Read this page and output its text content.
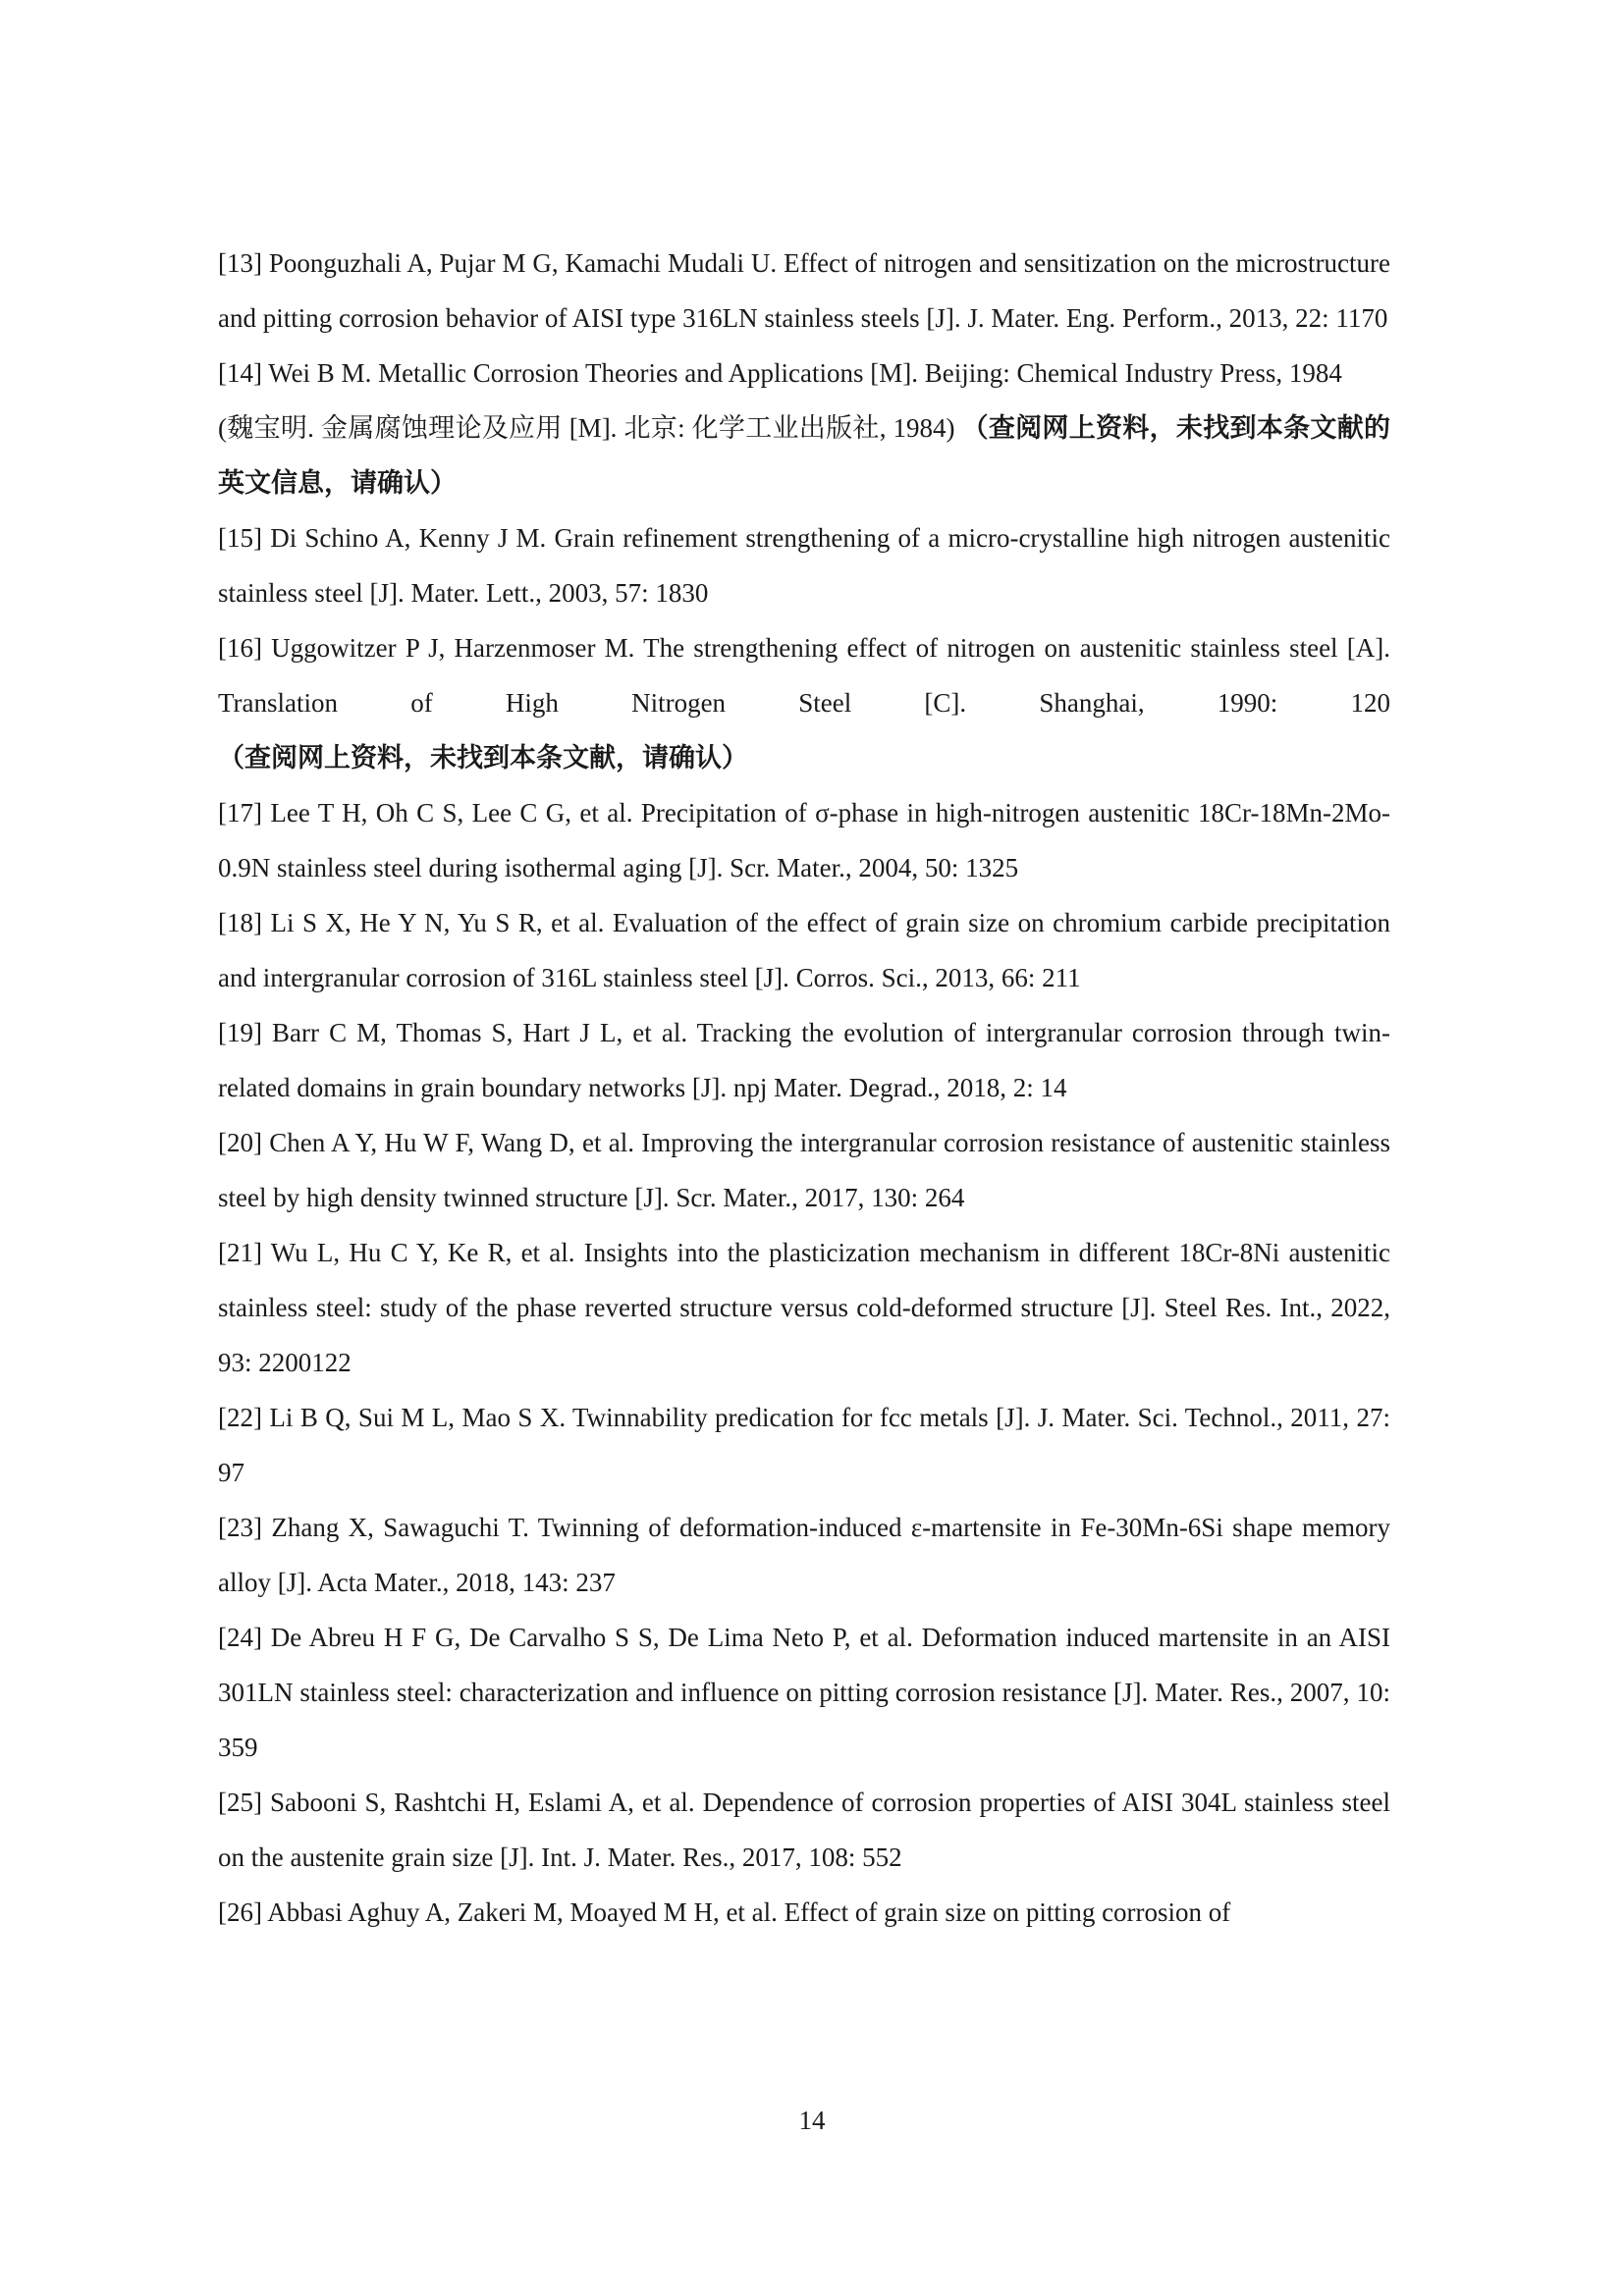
[13] Poonguzhali A, Pujar M G, Kamachi Mudali U. Effect of nitrogen and sensitization on the microstructure and pitting corrosion behavior of AISI type 316LN stainless steels [J]. J. Mater. Eng. Perform., 2013, 22: 1170

[14] Wei B M. Metallic Corrosion Theories and Applications [M]. Beijing: Chemical Industry Press, 1984

(魏宝明. 金属腐蚀理论及应用 [M]. 北京: 化学工业出版社, 1984) （查阅网上资料，未找到本条文献的英文信息，请确认）

[15] Di Schino A, Kenny J M. Grain refinement strengthening of a micro-crystalline high nitrogen austenitic stainless steel [J]. Mater. Lett., 2003, 57: 1830

[16] Uggowitzer P J, Harzenmoser M. The strengthening effect of nitrogen on austenitic stainless steel [A]. Translation of High Nitrogen Steel [C]. Shanghai, 1990: 120 （查阅网上资料，未找到本条文献，请确认）

[17] Lee T H, Oh C S, Lee C G, et al. Precipitation of σ-phase in high-nitrogen austenitic 18Cr-18Mn-2Mo-0.9N stainless steel during isothermal aging [J]. Scr. Mater., 2004, 50: 1325

[18] Li S X, He Y N, Yu S R, et al. Evaluation of the effect of grain size on chromium carbide precipitation and intergranular corrosion of 316L stainless steel [J]. Corros. Sci., 2013, 66: 211

[19] Barr C M, Thomas S, Hart J L, et al. Tracking the evolution of intergranular corrosion through twin-related domains in grain boundary networks [J]. npj Mater. Degrad., 2018, 2: 14

[20] Chen A Y, Hu W F, Wang D, et al. Improving the intergranular corrosion resistance of austenitic stainless steel by high density twinned structure [J]. Scr. Mater., 2017, 130: 264

[21] Wu L, Hu C Y, Ke R, et al. Insights into the plasticization mechanism in different 18Cr-8Ni austenitic stainless steel: study of the phase reverted structure versus cold-deformed structure [J]. Steel Res. Int., 2022, 93: 2200122

[22] Li B Q, Sui M L, Mao S X. Twinnability predication for fcc metals [J]. J. Mater. Sci. Technol., 2011, 27: 97

[23] Zhang X, Sawaguchi T. Twinning of deformation-induced ε-martensite in Fe-30Mn-6Si shape memory alloy [J]. Acta Mater., 2018, 143: 237

[24] De Abreu H F G, De Carvalho S S, De Lima Neto P, et al. Deformation induced martensite in an AISI 301LN stainless steel: characterization and influence on pitting corrosion resistance [J]. Mater. Res., 2007, 10: 359

[25] Sabooni S, Rashtchi H, Eslami A, et al. Dependence of corrosion properties of AISI 304L stainless steel on the austenite grain size [J]. Int. J. Mater. Res., 2017, 108: 552

[26] Abbasi Aghuy A, Zakeri M, Moayed M H, et al. Effect of grain size on pitting corrosion of

14
